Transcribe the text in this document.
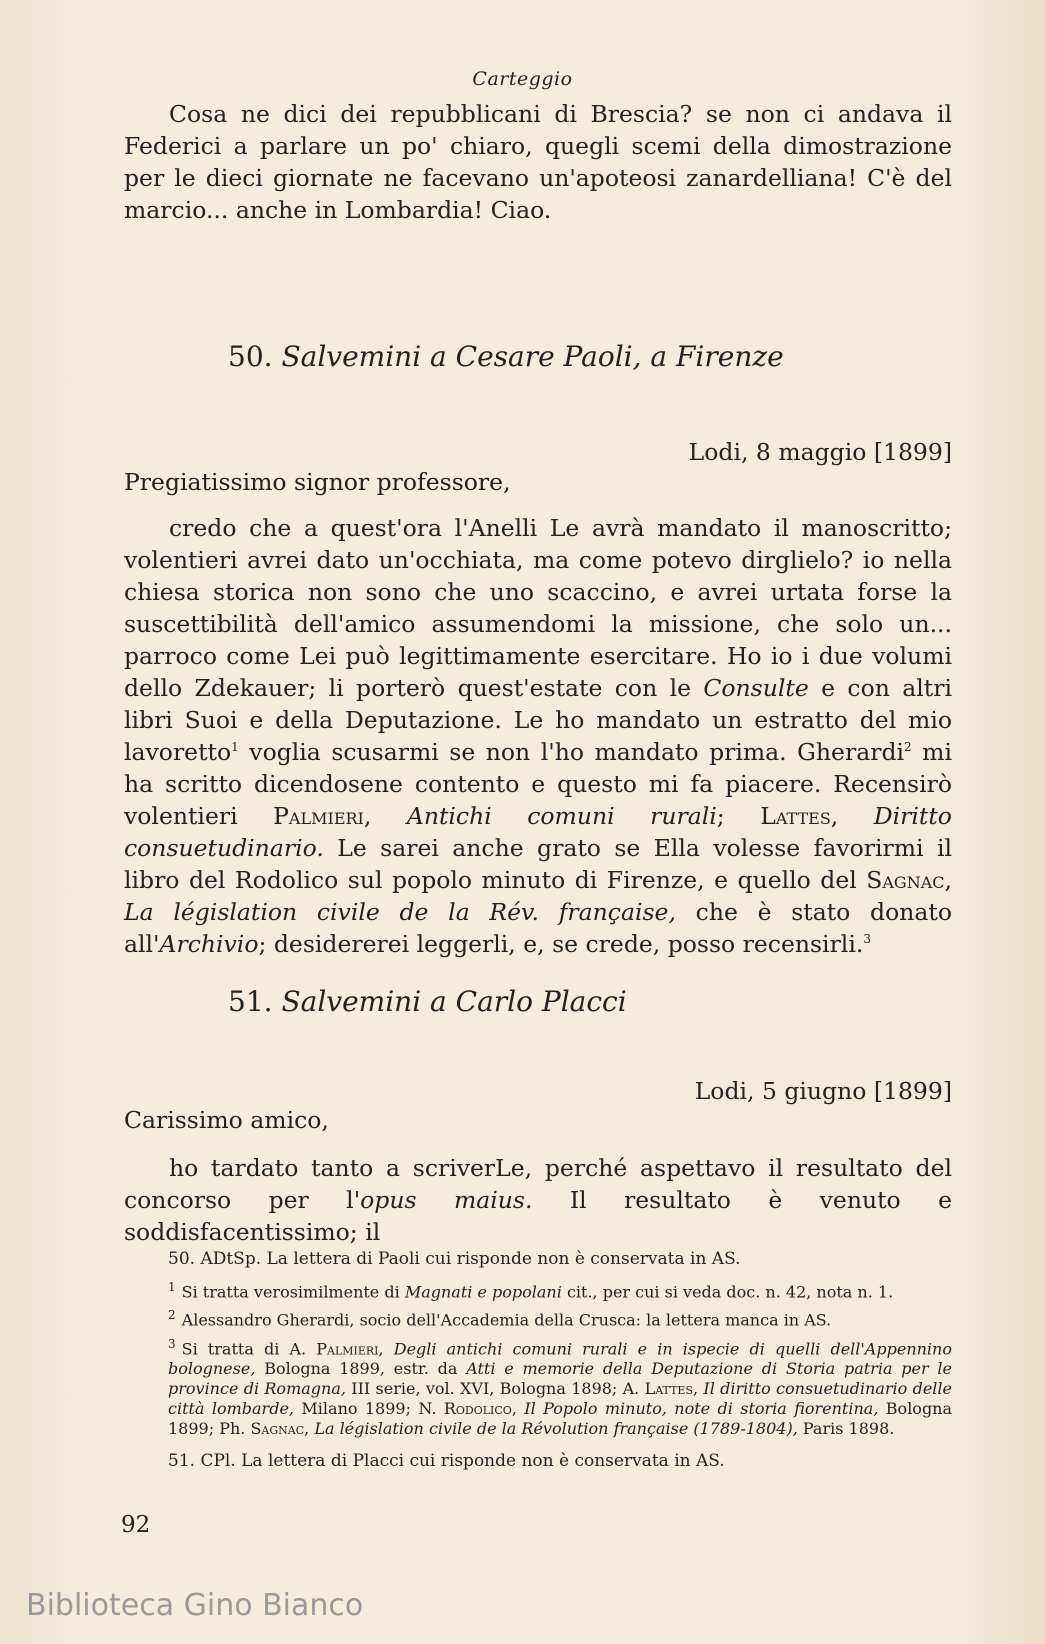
Carteggio

Cosa ne dici dei repubblicani di Brescia? se non ci andava il Federici a parlare un po' chiaro, quegli scemi della dimostrazione per le dieci giornate ne facevano un'apoteosi zanardelliana! C'è del marcio... anche in Lombardia! Ciao.

50. Salvemini a Cesare Paoli, a Firenze
Lodi, 8 maggio [1899]
Pregiatissimo signor professore,

credo che a quest'ora l'Anelli Le avrà mandato il manoscritto; volentieri avrei dato un'occhiata, ma come potevo dirglielo? io nella chiesa storica non sono che uno scaccino, e avrei urtata forse la suscettibilità dell'amico assumendomi la missione, che solo un... parroco come Lei può legittimamente esercitare. Ho io i due volumi dello Zdekauer; li porterò quest'estate con le Consulte e con altri libri Suoi e della Deputazione. Le ho mandato un estratto del mio lavoretto$^1$ voglia scusarmi se non l'ho mandato prima. Gherardi$^2$ mi ha scritto dicendosene contento e questo mi fa piacere. Recensirò volentieri Palmieri, Antichi comuni rurali; Lattes, Diritto consuetudinario. Le sarei anche grato se Ella volesse favorirmi il libro del Rodolico sul popolo minuto di Firenze, e quello del Sagnac, La législation civile de la Rév. française, che è stato donato all'Archivio; desidererei leggerli, e, se crede, posso recensirli.$^3$

51. Salvemini a Carlo Placci
Lodi, 5 giugno [1899]
Carissimo amico,

ho tardato tanto a scriverLe, perché aspettavo il resultato del concorso per l'opus maius. Il resultato è venuto e soddisfacentissimo; il

50. ADtSp. La lettera di Paoli cui risponde non è conservata in AS.
$^1$ Si tratta verosimilmente di Magnati e popolani cit., per cui si veda doc. n. 42, nota n. 1.
$^2$ Alessandro Gherardi, socio dell'Accademia della Crusca: la lettera manca in AS.
$^3$ Si tratta di A. Palmieri, Degli antichi comuni rurali e in ispecie di quelli dell'Appennino bolognese, Bologna 1899, estr. da Atti e memorie della Deputazione di Storia patria per le province di Romagna, III serie, vol. XVI, Bologna 1898; A. Lattes, Il diritto consuetudinario delle città lombarde, Milano 1899; N. Rodolico, Il Popolo minuto, note di storia fiorentina, Bologna 1899; Ph. Sagnac, La législation civile de la Révolution française (1789-1804), Paris 1898.
51. CPl. La lettera di Placci cui risponde non è conservata in AS.
92
Biblioteca Gino Bianco
